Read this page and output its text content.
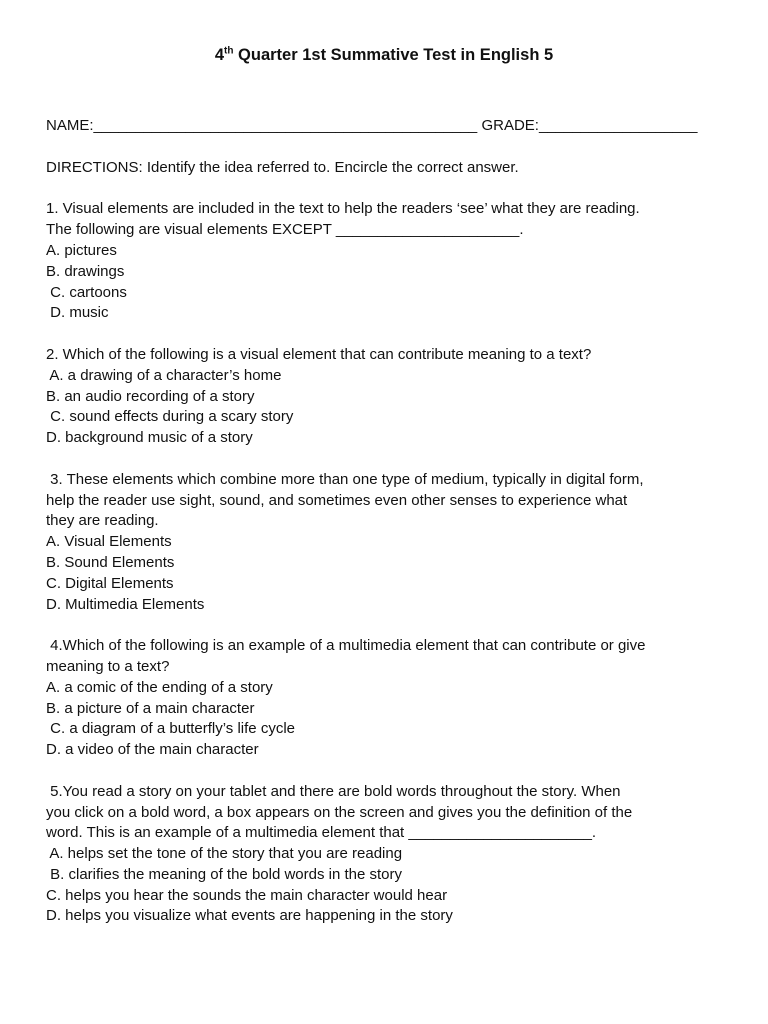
4th Quarter 1st Summative Test in English 5
NAME:______________________________________________ GRADE:___________________
DIRECTIONS: Identify the idea referred to. Encircle the correct answer.
1. Visual elements are included in the text to help the readers ‘see’ what they are reading.
The following are visual elements EXCEPT ______________________.
A. pictures
B. drawings
C. cartoons
D. music
2. Which of the following is a visual element that can contribute meaning to a text?
A. a drawing of a character’s home
B. an audio recording of a story
C. sound effects during a scary story
D. background music of a story
3. These elements which combine more than one type of medium, typically in digital form,
help the reader use sight, sound, and sometimes even other senses to experience what
they are reading.
A. Visual Elements
B. Sound Elements
C. Digital Elements
D. Multimedia Elements
4.Which of the following is an example of a multimedia element that can contribute or give
meaning to a text?
A. a comic of the ending of a story
B. a picture of a main character
C. a diagram of a butterfly’s life cycle
D. a video of the main character
5.You read a story on your tablet and there are bold words throughout the story. When
you click on a bold word, a box appears on the screen and gives you the definition of the
word. This is an example of a multimedia element that ______________________.
A. helps set the tone of the story that you are reading
B. clarifies the meaning of the bold words in the story
C. helps you hear the sounds the main character would hear
D. helps you visualize what events are happening in the story
